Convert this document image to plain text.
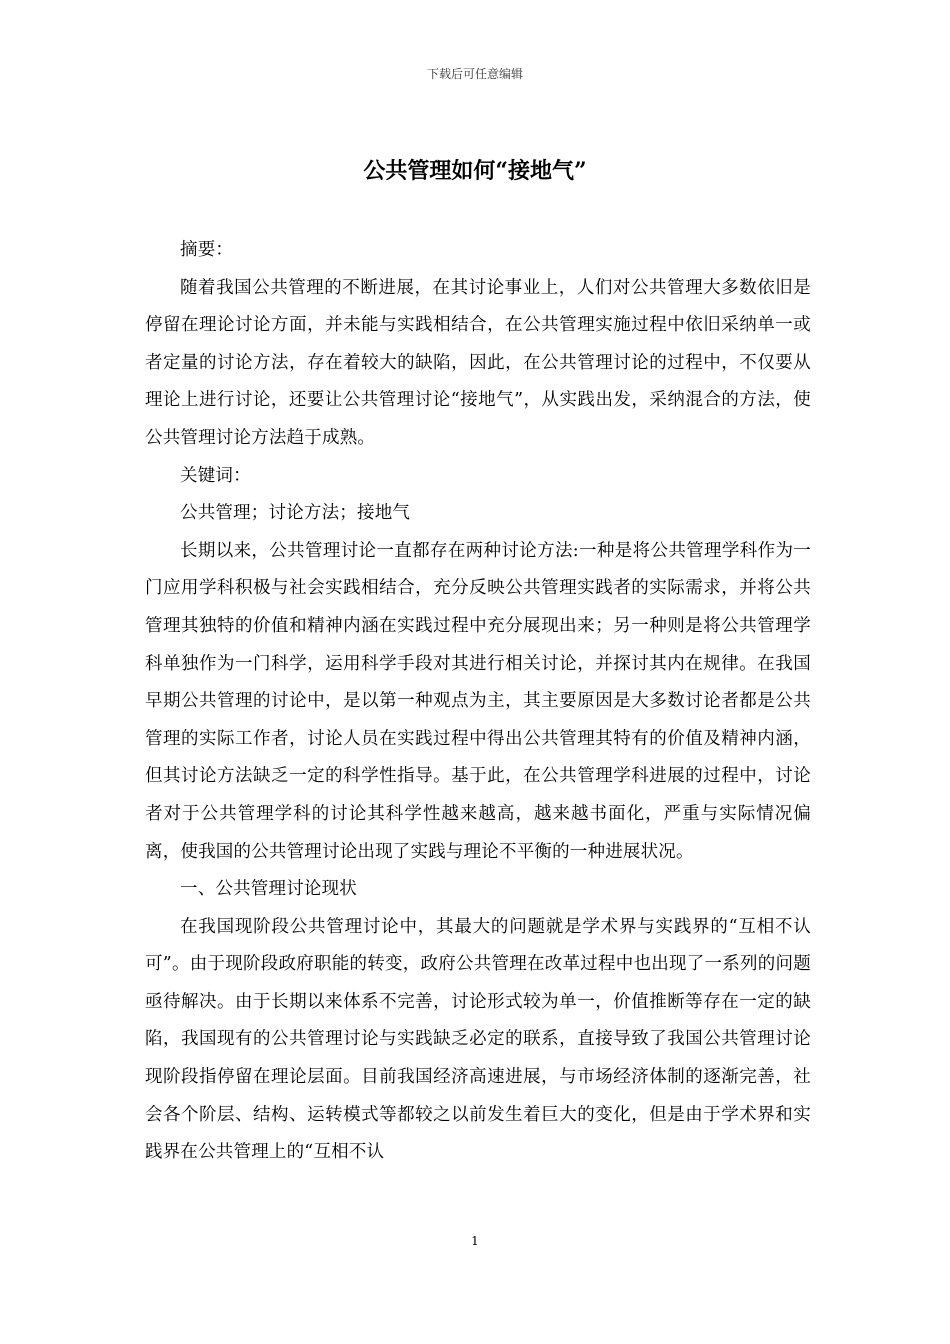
下载后可任意编辑
公共管理如何“接地气”

摘要：

随着我国公共管理的不断进展，在其讨论事业上，人们对公共管理大多数依旧是停留在理论讨论方面，并未能与实践相结合，在公共管理实施过程中依旧采纳单一或者定量的讨论方法，存在着较大的缺陷，因此，在公共管理讨论的过程中，不仅要从理论上进行讨论，还要让公共管理讨论“接地气”，从实践出发，采纳混合的方法，使公共管理讨论方法趋于成熟。

关键词：

公共管理；讨论方法；接地气

长期以来，公共管理讨论一直都存在两种讨论方法:一种是将公共管理学科作为一门应用学科积极与社会实践相结合，充分反映公共管理实践者的实际需求，并将公共管理其独特的价值和精神内涵在实践过程中充分展现出来；另一种则是将公共管理学科单独作为一门科学，运用科学手段对其进行相关讨论，并探讨其内在规律。在我国早期公共管理的讨论中，是以第一种观点为主，其主要原因是大多数讨论者都是公共管理的实际工作者，讨论人员在实践过程中得出公共管理其特有的价值及精神内涵，但其讨论方法缺乏一定的科学性指导。基于此，在公共管理学科进展的过程中，讨论者对于公共管理学科的讨论其科学性越来越高，越来越书面化，严重与实际情况偏离，使我国的公共管理讨论出现了实践与理论不平衡的一种进展状况。

一、公共管理讨论现状

在我国现阶段公共管理讨论中，其最大的问题就是学术界与实践界的“互相不认可”。由于现阶段政府职能的转变，政府公共管理在改革过程中也出现了一系列的问题亟待解决。由于长期以来体系不完善，讨论形式较为单一，价值推断等存在一定的缺陷，我国现有的公共管理讨论与实践缺乏必定的联系，直接导致了我国公共管理讨论现阶段指停留在理论层面。目前我国经济高速进展，与市场经济体制的逐渐完善，社会各个阶层、结构、运转模式等都较之以前发生着巨大的变化，但是由于学术界和实践界在公共管理上的“互相不认

1
